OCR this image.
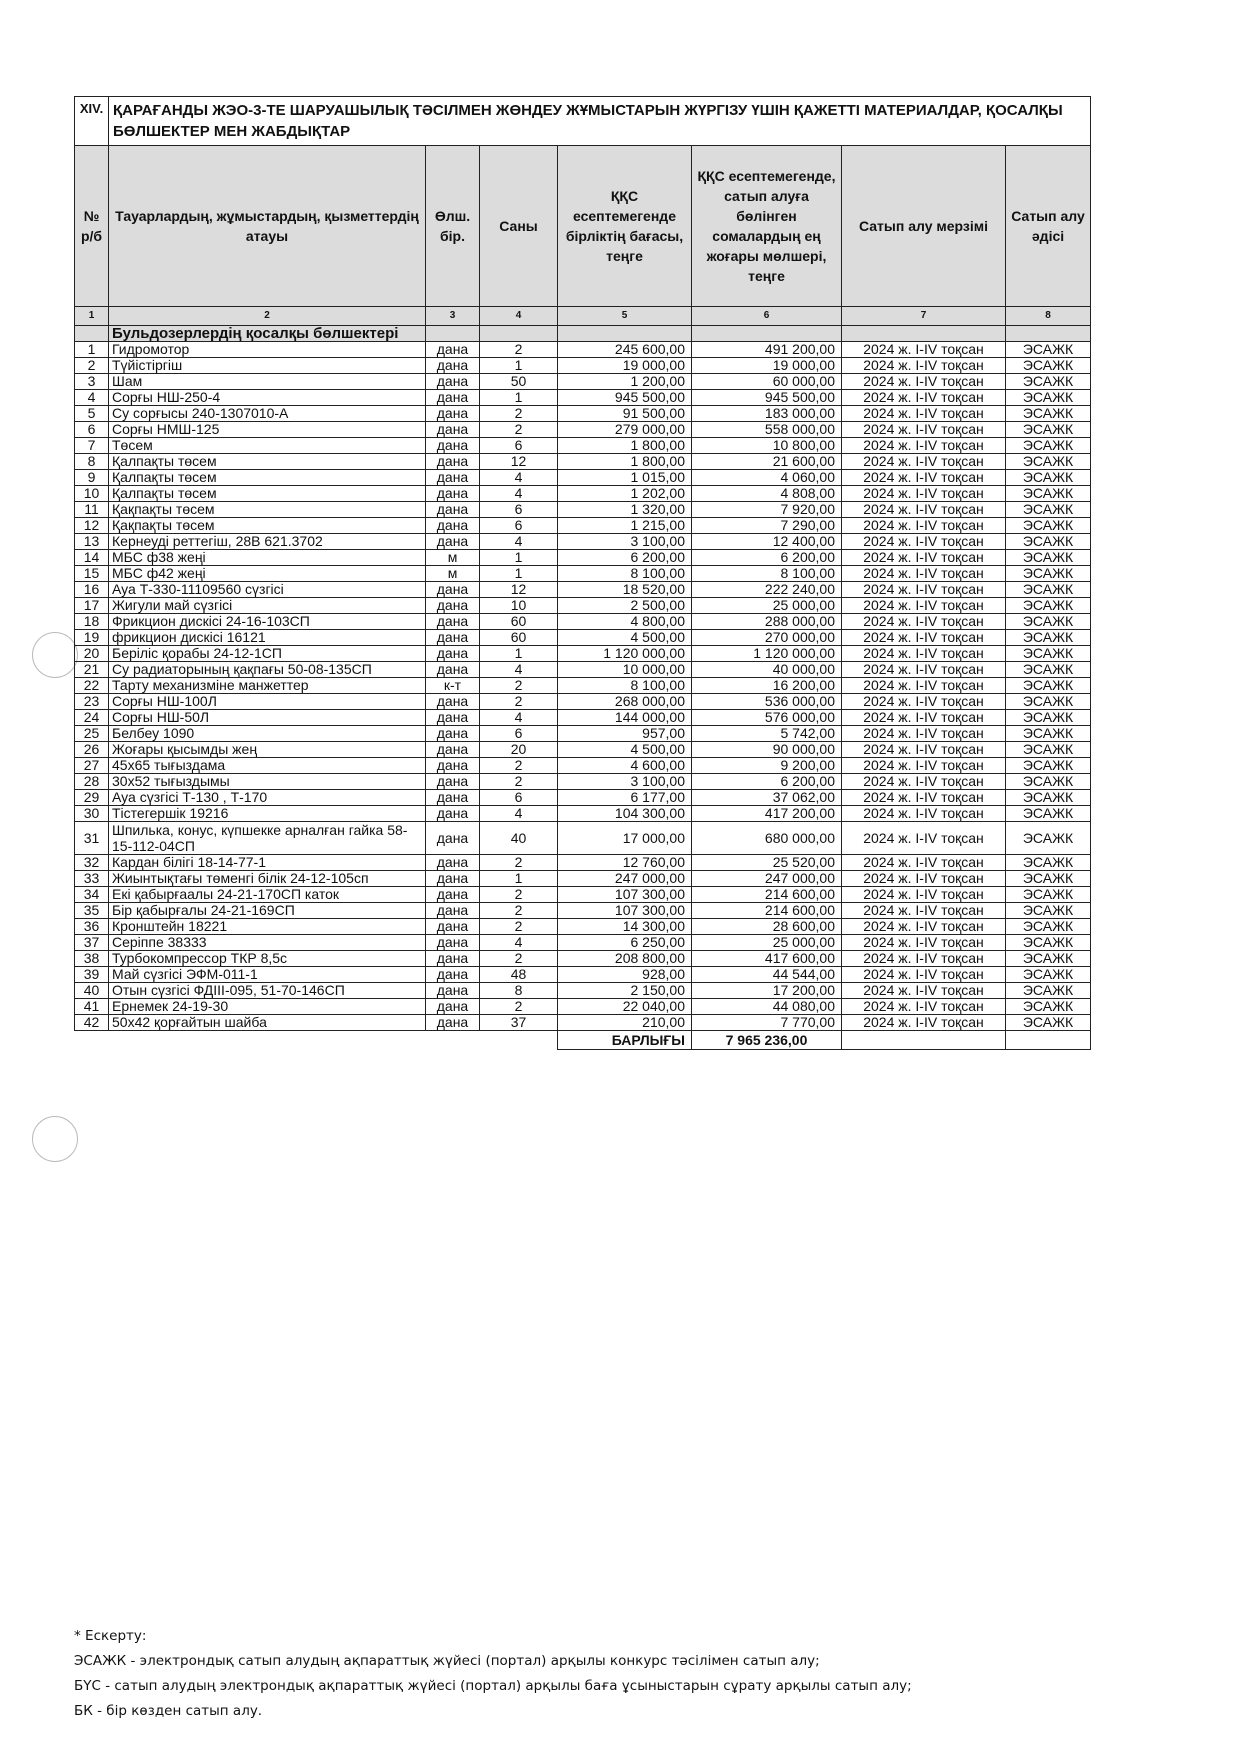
XIV.	ҚАРАҒАНДЫ ЖЭО-3-ТЕ ШАРУАШЫЛЫҚ ТӘСІЛМЕН ЖӨНДЕУ ЖҰМЫСТАРЫН ЖҮРГІЗУ ҮШІН ҚАЖЕТТІ МАТЕРИАЛДАР, ҚОСАЛҚЫ БӨЛШЕКТЕР МЕН ЖАБДЫҚТАР						
№ р/б	Тауарлардың, жұмыстардың, қызметтердің атауы	Өлш. бір.	Саны	ҚҚС есептемегенде бірліктің бағасы, теңге	ҚҚС есептемегенде, сатып алуға бөлінген сомалардың ең жоғары мөлшері, теңге	Сатып алу мерзімі	Сатып алу әдісі
1	2	3	4	5	6	7	8
	Бульдозерлердің қосалқы бөлшектері						
1	Гидромотор	дана	2	245 600,00	491 200,00	2024 ж. I-IV тоқсан	ЭСАЖК
2	Түйістіргіш	дана	1	19 000,00	19 000,00	2024 ж. I-IV тоқсан	ЭСАЖК
3	Шам	дана	50	1 200,00	60 000,00	2024 ж. I-IV тоқсан	ЭСАЖК
4	Сорғы НШ-250-4	дана	1	945 500,00	945 500,00	2024 ж. I-IV тоқсан	ЭСАЖК
5	Су сорғысы 240-1307010-А	дана	2	91 500,00	183 000,00	2024 ж. I-IV тоқсан	ЭСАЖК
6	Сорғы НМШ-125	дана	2	279 000,00	558 000,00	2024 ж. I-IV тоқсан	ЭСАЖК
7	Төсем	дана	6	1 800,00	10 800,00	2024 ж. I-IV тоқсан	ЭСАЖК
8	Қалпақты төсем	дана	12	1 800,00	21 600,00	2024 ж. I-IV тоқсан	ЭСАЖК
9	Қалпақты төсем	дана	4	1 015,00	4 060,00	2024 ж. I-IV тоқсан	ЭСАЖК
10	Қалпақты төсем	дана	4	1 202,00	4 808,00	2024 ж. I-IV тоқсан	ЭСАЖК
11	Қақпақты төсем	дана	6	1 320,00	7 920,00	2024 ж. I-IV тоқсан	ЭСАЖК
12	Қақпақты төсем	дана	6	1 215,00	7 290,00	2024 ж. I-IV тоқсан	ЭСАЖК
13	Кернеуді реттегіш, 28В 621.3702	дана	4	3 100,00	12 400,00	2024 ж. I-IV тоқсан	ЭСАЖК
14	МБС ф38 жеңі	м	1	6 200,00	6 200,00	2024 ж. I-IV тоқсан	ЭСАЖК
15	МБС ф42 жеңі	м	1	8 100,00	8 100,00	2024 ж. I-IV тоқсан	ЭСАЖК
16	Ауа Т-330-11109560 сүзгісі	дана	12	18 520,00	222 240,00	2024 ж. I-IV тоқсан	ЭСАЖК
17	Жигули май сүзгісі	дана	10	2 500,00	25 000,00	2024 ж. I-IV тоқсан	ЭСАЖК
18	Фрикцион дискісі 24-16-103СП	дана	60	4 800,00	288 000,00	2024 ж. I-IV тоқсан	ЭСАЖК
19	фрикцион дискісі 16121	дана	60	4 500,00	270 000,00	2024 ж. I-IV тоқсан	ЭСАЖК
20	Беріліс қорабы 24-12-1СП	дана	1	1 120 000,00	1 120 000,00	2024 ж. I-IV тоқсан	ЭСАЖК
21	Су радиаторының қақпағы 50-08-135СП	дана	4	10 000,00	40 000,00	2024 ж. I-IV тоқсан	ЭСАЖК
22	Тарту механизміне манжеттер	к-т	2	8 100,00	16 200,00	2024 ж. I-IV тоқсан	ЭСАЖК
23	Сорғы НШ-100Л	дана	2	268 000,00	536 000,00	2024 ж. I-IV тоқсан	ЭСАЖК
24	Сорғы НШ-50Л	дана	4	144 000,00	576 000,00	2024 ж. I-IV тоқсан	ЭСАЖК
25	Белбеу 1090	дана	6	957,00	5 742,00	2024 ж. I-IV тоқсан	ЭСАЖК
26	Жоғары қысымды жең	дана	20	4 500,00	90 000,00	2024 ж. I-IV тоқсан	ЭСАЖК
27	45х65 тығыздама	дана	2	4 600,00	9 200,00	2024 ж. I-IV тоқсан	ЭСАЖК
28	30х52 тығыздымы	дана	2	3 100,00	6 200,00	2024 ж. I-IV тоқсан	ЭСАЖК
29	Ауа сүзгісі Т-130 , Т-170	дана	6	6 177,00	37 062,00	2024 ж. I-IV тоқсан	ЭСАЖК
30	Тістегершік 19216	дана	4	104 300,00	417 200,00	2024 ж. I-IV тоқсан	ЭСАЖК
31	Шпилька, конус, күпшекке арналған гайка 58-15-112-04СП	дана	40	17 000,00	680 000,00	2024 ж. I-IV тоқсан	ЭСАЖК
32	Кардан білігі 18-14-77-1	дана	2	12 760,00	25 520,00	2024 ж. I-IV тоқсан	ЭСАЖК
33	Жиынтықтағы төменгі білік 24-12-105сп	дана	1	247 000,00	247 000,00	2024 ж. I-IV тоқсан	ЭСАЖК
34	Екі қабырғаалы 24-21-170СП каток	дана	2	107 300,00	214 600,00	2024 ж. I-IV тоқсан	ЭСАЖК
35	Бір қабырғалы 24-21-169СП	дана	2	107 300,00	214 600,00	2024 ж. I-IV тоқсан	ЭСАЖК
36	Кронштейн 18221	дана	2	14 300,00	28 600,00	2024 ж. I-IV тоқсан	ЭСАЖК
37	Серіппе 38333	дана	4	6 250,00	25 000,00	2024 ж. I-IV тоқсан	ЭСАЖК
38	Турбокомпрессор ТКР 8,5с	дана	2	208 800,00	417 600,00	2024 ж. I-IV тоқсан	ЭСАЖК
39	Май сүзгісі ЭФМ-011-1	дана	48	928,00	44 544,00	2024 ж. I-IV тоқсан	ЭСАЖК
40	Отын сүзгісі ФДІІІ-095, 51-70-146СП	дана	8	2 150,00	17 200,00	2024 ж. I-IV тоқсан	ЭСАЖК
41	Ернемек 24-19-30	дана	2	22 040,00	44 080,00	2024 ж. I-IV тоқсан	ЭСАЖК
42	50х42 қорғайтын шайба	дана	37	210,00	7 770,00	2024 ж. I-IV тоқсан	ЭСАЖК
				БАРЛЫҒЫ	7 965 236,00		
* Ескерту:
ЭСАЖК - электрондық сатып алудың ақпараттық жүйесі (портал) арқылы конкурс тәсілімен сатып алу;
БҮС - сатып алудың электрондық ақпараттық жүйесі (портал) арқылы баға ұсыныстарын сұрату арқылы сатып алу;
БК - бір көзден сатып алу.
